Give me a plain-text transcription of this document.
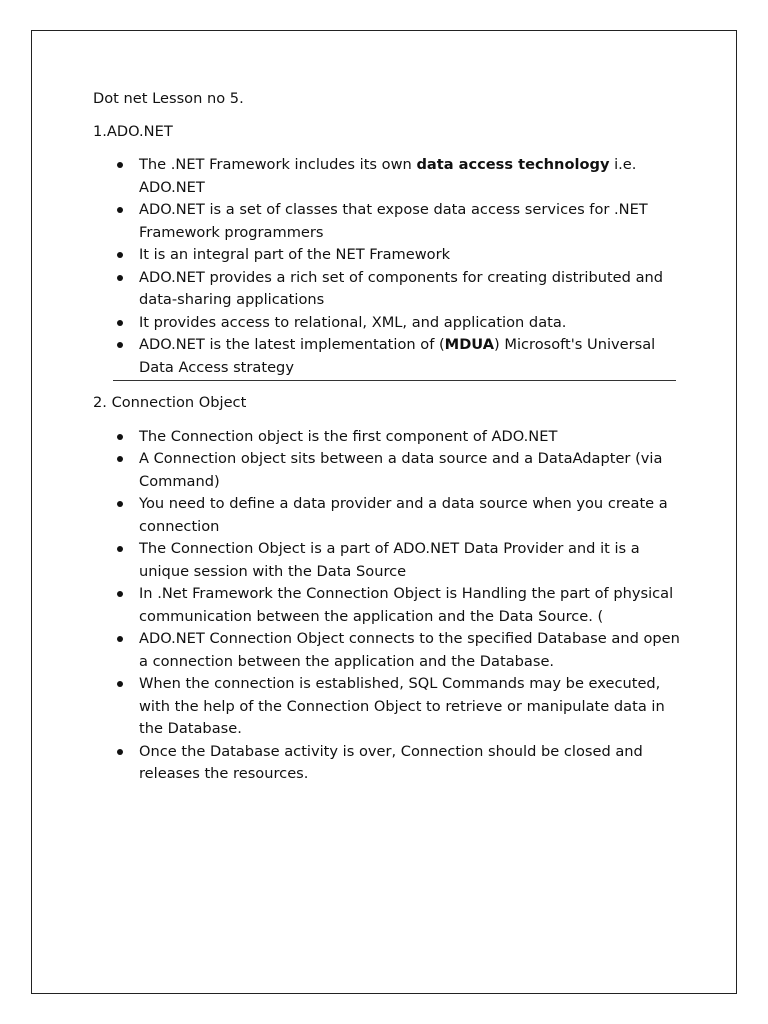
Dot net Lesson no 5.

1.ADO.NET

The .NET Framework includes its own data access technology i.e. ADO.NET
ADO.NET is a set of classes that expose data access services for .NET Framework programmers
It is an integral part of the NET Framework
ADO.NET provides a rich set of components for creating distributed and data-sharing applications
It provides access to relational, XML, and application data.
ADO.NET is the latest implementation of (MDUA) Microsoft's Universal Data Access strategy

2. Connection Object

The Connection object is the first component of ADO.NET
A Connection object sits between a data source and a DataAdapter (via Command)
You need to define a data provider and a data source when you create a connection
The Connection Object is a part of ADO.NET Data Provider and it is a unique session with the Data Source
In .Net Framework the Connection Object is Handling the part of physical communication between the application and the Data Source. (
ADO.NET Connection Object connects to the specified Database and open a connection between the application and the Database.
When the connection is established, SQL Commands may be executed, with the help of the Connection Object to retrieve or manipulate data in the Database.
Once the Database activity is over, Connection should be closed and releases the resources.
